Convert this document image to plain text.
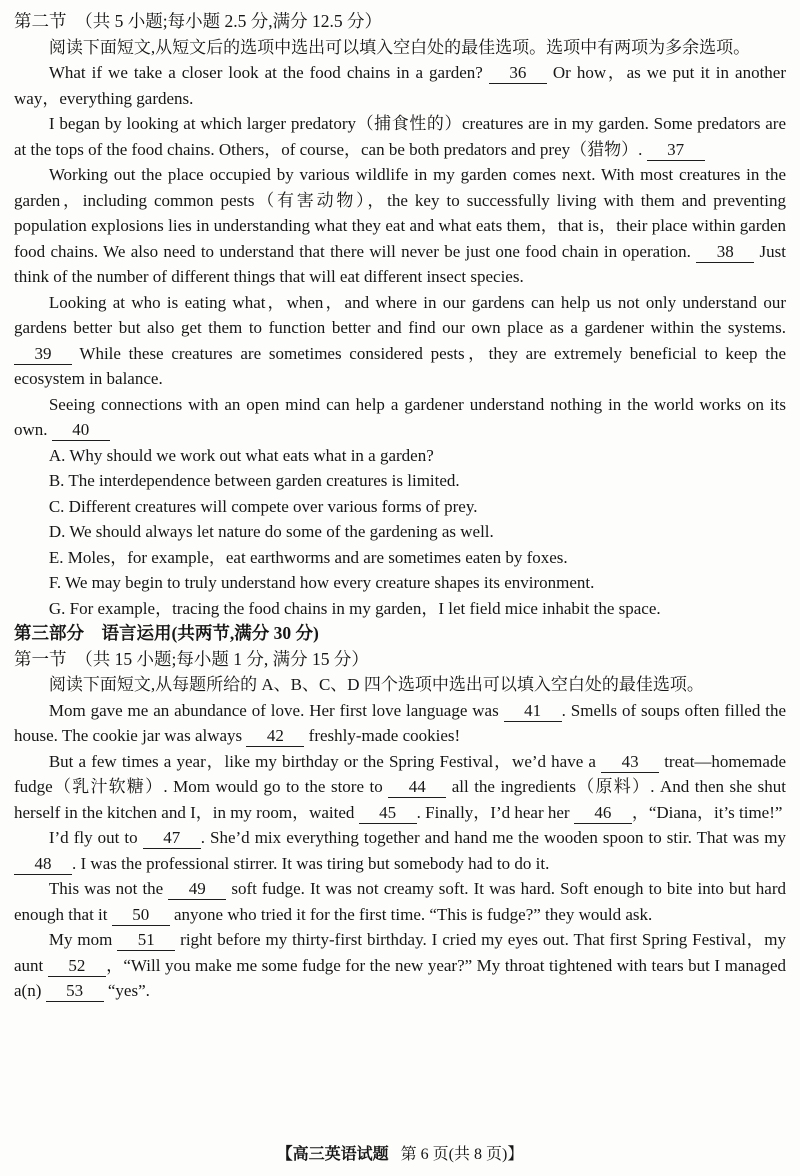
第二节　（共 5 小题;每小题 2.5 分,满分 12.5 分）

阅读下面短文,从短文后的选项中选出可以填入空白处的最佳选项。选项中有两项为多余选项。

What if we take a closer look at the food chains in a garden? 36 Or how，as we put it in another way，everything gardens.

I began by looking at which larger predatory（捕食性的）creatures are in my garden. Some predators are at the tops of the food chains. Others，of course，can be both predators and prey（猎物）. 37

Working out the place occupied by various wildlife in my garden comes next. With most creatures in the garden，including common pests（有害动物），the key to successfully living with them and preventing population explosions lies in understanding what they eat and what eats them，that is，their place within garden food chains. We also need to understand that there will never be just one food chain in operation. 38 Just think of the number of different things that will eat different insect species.

Looking at who is eating what，when，and where in our gardens can help us not only understand our gardens better but also get them to function better and find our own place as a gardener within the systems. 39 While these creatures are sometimes considered pests，they are extremely beneficial to keep the ecosystem in balance.

Seeing connections with an open mind can help a gardener understand nothing in the world works on its own. 40

A. Why should we work out what eats what in a garden?

B. The interdependence between garden creatures is limited.

C. Different creatures will compete over various forms of prey.

D. We should always let nature do some of the gardening as well.

E. Moles，for example，eat earthworms and are sometimes eaten by foxes.

F. We may begin to truly understand how every creature shapes its environment.

G. For example，tracing the food chains in my garden，I let field mice inhabit the space.

第三部分　语言运用(共两节,满分 30 分)

第一节　（共 15 小题;每小题 1 分, 满分 15 分）

阅读下面短文,从每题所给的 A、B、C、D 四个选项中选出可以填入空白处的最佳选项。

Mom gave me an abundance of love. Her first love language was 41 . Smells of soups often filled the house. The cookie jar was always 42 freshly-made cookies!

But a few times a year，like my birthday or the Spring Festival，we’d have a 43 treat—homemade fudge（乳汁软糖）. Mom would go to the store to 44 all the ingredients（原料）. And then she shut herself in the kitchen and I，in my room，waited 45 . Finally，I’d hear her 46 ，“Diana，it’s time!”

I’d fly out to 47 . She’d mix everything together and hand me the wooden spoon to stir. That was my 48 . I was the professional stirrer. It was tiring but somebody had to do it.

This was not the 49 soft fudge. It was not creamy soft. It was hard. Soft enough to bite into but hard enough that it 50 anyone who tried it for the first time. “This is fudge?” they would ask.

My mom 51 right before my thirty-first birthday. I cried my eyes out. That first Spring Festival，my aunt 52 ，“Will you make me some fudge for the new year?” My throat tightened with tears but I managed a(n) 53 “yes”.

【高三英语试题 第 6 页(共 8 页)】
